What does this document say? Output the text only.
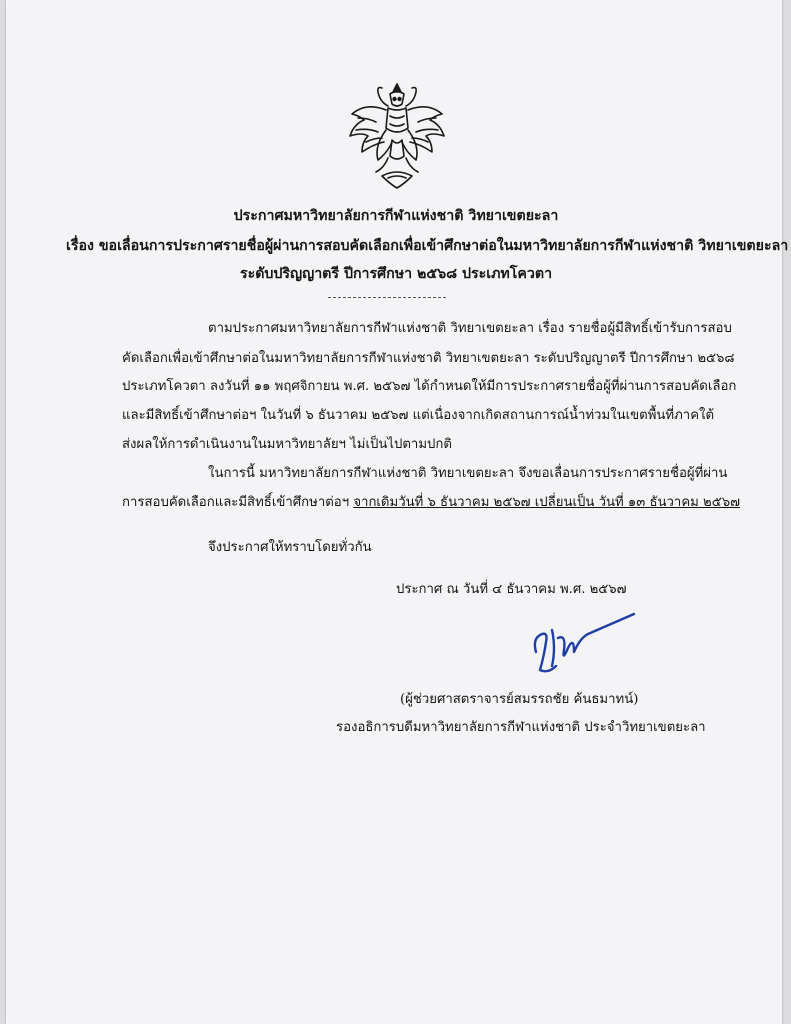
ประกาศมหาวิทยาลัยการกีฬาแห่งชาติ วิทยาเขตยะลา
เรื่อง ขอเลื่อนการประกาศรายชื่อผู้ผ่านการสอบคัดเลือกเพื่อเข้าศึกษาต่อในมหาวิทยาลัยการกีฬาแห่งชาติ วิทยาเขตยะลา
ระดับปริญญาตรี ปีการศึกษา ๒๕๖๘ ประเภทโควตา
ตามประกาศมหาวิทยาลัยการกีฬาแห่งชาติ วิทยาเขตยะลา เรื่อง รายชื่อผู้มีสิทธิ์เข้ารับการสอบ
คัดเลือกเพื่อเข้าศึกษาต่อในมหาวิทยาลัยการกีฬาแห่งชาติ วิทยาเขตยะลา ระดับปริญญาตรี ปีการศึกษา ๒๕๖๘
ประเภทโควตา ลงวันที่ ๑๑ พฤศจิกายน พ.ศ. ๒๕๖๗ ได้กำหนดให้มีการประกาศรายชื่อผู้ที่ผ่านการสอบคัดเลือก
และมีสิทธิ์เข้าศึกษาต่อฯ ในวันที่ ๖ ธันวาคม ๒๕๖๗ แต่เนื่องจากเกิดสถานการณ์น้ำท่วมในเขตพื้นที่ภาคใต้
ส่งผลให้การดำเนินงานในมหาวิทยาลัยฯ ไม่เป็นไปตามปกติ
ในการนี้ มหาวิทยาลัยการกีฬาแห่งชาติ วิทยาเขตยะลา จึงขอเลื่อนการประกาศรายชื่อผู้ที่ผ่าน
การสอบคัดเลือกและมีสิทธิ์เข้าศึกษาต่อฯ จากเดิมวันที่ ๖ ธันวาคม ๒๕๖๗ เปลี่ยนเป็น วันที่ ๑๓ ธันวาคม ๒๕๖๗
จึงประกาศให้ทราบโดยทั่วกัน
ประกาศ ณ วันที่ ๔ ธันวาคม พ.ศ. ๒๕๖๗
(ผู้ช่วยศาสตราจารย์สมรรถชัย ค้นธมาทน์)
รองอธิการบดีมหาวิทยาลัยการกีฬาแห่งชาติ ประจำวิทยาเขตยะลา
